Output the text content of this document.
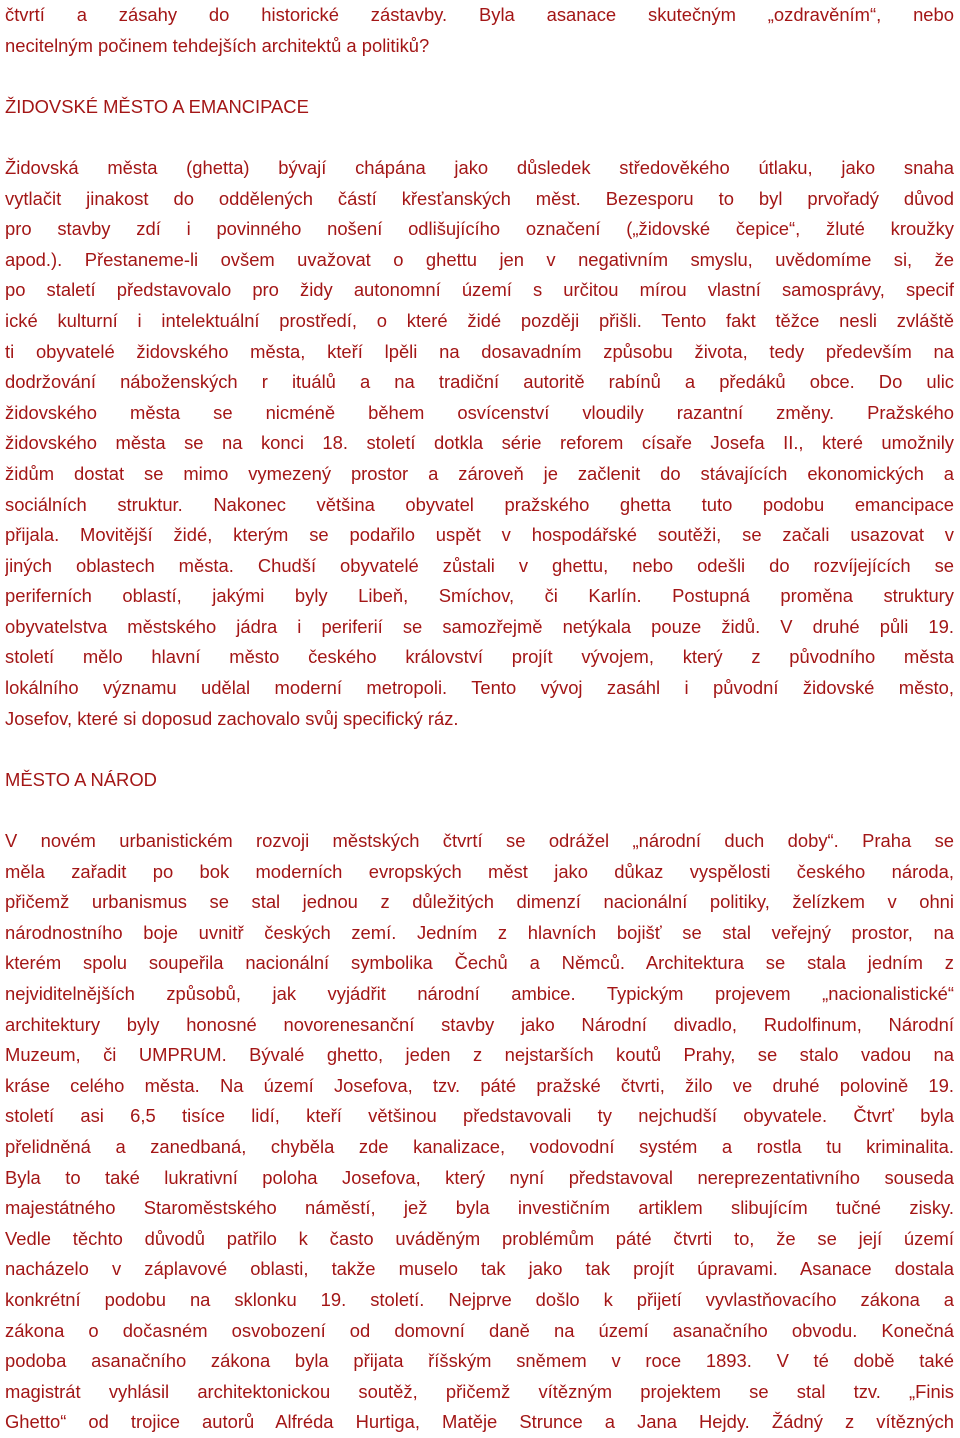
čtvrtí a zásahy do historické zástavby. Byla asanace skutečným „ozdravěním“, nebo
necitelným počinem tehdejších architektů a politiků?
ŽIDOVSKÉ MĚSTO A EMANCIPACE
Židovská města (ghetta) bývají chápána jako důsledek středověkého útlaku, jako snaha
vytlačit jinakost do oddělených částí křesťanských měst. Bezesporu to byl prvořadý důvod
pro stavby zdí i povinného nošení odlišujícího označení („židovské čepice“, žluté kroužky
apod.). Přestaneme-li ovšem uvažovat o ghettu jen v negativním smyslu, uvědomíme si, že
po staletí představovalo pro židy autonomní území s určitou mírou vlastní samosprávy, specif
ické kulturní i intelektuální prostředí, o které židé později přišli. Tento fakt těžce nesli zvláště
ti obyvatelé židovského města, kteří lpěli na dosavadním způsobu života, tedy především na
dodržování náboženských r ituálů a na tradiční autoritě rabínů a předáků obce. Do ulic
židovského města se nicméně během osvícenství vloudily razantní změny. Pražského
židovského města se na konci 18. století dotkla série reforem císaře Josefa II., které umožnily
židům dostat se mimo vymezený prostor a zároveň je začlenit do stávajících ekonomických a
sociálních struktur. Nakonec většina obyvatel pražského ghetta tuto podobu emancipace
přijala. Movitější židé, kterým se podařilo uspět v hospodářské soutěži, se začali usazovat v
jiných oblastech města. Chudší obyvatelé zůstali v ghettu, nebo odešli do rozvíjejících se
periferních oblastí, jakými byly Libeň, Smíchov, či Karlín. Postupná proměna struktury
obyvatelstva městského jádra i periferií se samozřejmě netýkala pouze židů. V druhé půli 19.
století mělo hlavní město českého království projít vývojem, který z původního města
lokálního významu udělal moderní metropoli. Tento vývoj zasáhl i původní židovské město,
Josefov, které si doposud zachovalo svůj specifický ráz.
MĚSTO A NÁROD
V novém urbanistickém rozvoji městských čtvrtí se odrážel „národní duch doby“. Praha se
měla zařadit po bok moderních evropských měst jako důkaz vyspělosti českého národa,
přičemž urbanismus se stal jednou z důležitých dimenzí nacionální politiky, želízkem v ohni
národnostního boje uvnitř českých zemí. Jedním z hlavních bojišť se stal veřejný prostor, na
kterém spolu soupeřila nacionální symbolika Čechů a Němců. Architektura se stala jedním z
nejviditelnějších způsobů, jak vyjádřit národní ambice. Typickým projevem „nacionalistické“
architektury byly honosné novorenesanční stavby jako Národní divadlo, Rudolfinum, Národní
Muzeum, či UMPRUM. Bývalé ghetto, jeden z nejstarších koutů Prahy, se stalo vadou na
kráse celého města. Na území Josefova, tzv. páté pražské čtvrti, žilo ve druhé polovině 19.
století asi 6,5 tisíce lidí, kteří většinou představovali ty nejchudší obyvatele. Čtvrť byla
přelidněná a zanedbaná, chyběla zde kanalizace, vodovodní systém a rostla tu kriminalita.
Byla to také lukrativní poloha Josefova, který nyní představoval nereprezentativního souseda
majestátného Staroměstského náměstí, jež byla investičním artiklem slibujícím tučné zisky.
Vedle těchto důvodů patřilo k často uváděným problémům páté čtvrti to, že se její území
nacházelo v záplavové oblasti, takže muselo tak jako tak projít úpravami. Asanace dostala
konkrétní podobu na sklonku 19. století. Nejprve došlo k přijetí vyvlastňovacího zákona a
zákona o dočasném osvobození od domovní daně na území asanačního obvodu. Konečná
podoba asanačního zákona byla přijata říšským sněmem v roce 1893. V té době také
magistrát vyhlásil architektonickou soutěž, přičemž vítězným projektem se stal tzv. „Finis
Ghetto“ od trojice autorů Alfréda Hurtiga, Matěje Strunce a Jana Hejdy. Žádný z vítězných
